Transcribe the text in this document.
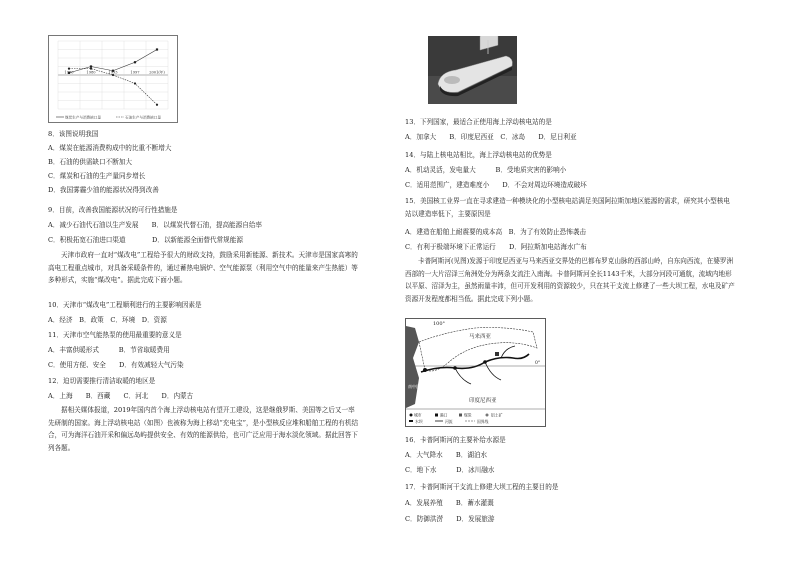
1970	1980	1993	1997	2001(年)
煤炭生产与消费缺口量	石油生产与消费缺口量
8．该图说明我国
A．煤炭在能源消费构成中的比重不断增大
B．石油的供需缺口不断加大
C．煤炭和石油的生产量同步增长
D．我国雾霾少油的能源状况得到改善
9．目前，改善我国能源状况的可行性措施是
A．减少石油代石油以生产发展　　B．以煤炭代替石油，提高能源自给率
C．积极拓宽石油进口渠道　　　　D．以新能源全面替代常规能源
天津市政府一直对“煤改电”工程给予很大的财政支持，鼓励采用新能源、新技术。天津市是国家高寒的高电工程重点城市，对具备采暖条件的，通过蓄热电锅炉、空气能源泵（利用空气中的能量来产生热能）等多种形式，实施“煤改电”。据此完成下面小题。
10．天津市“煤改电”工程顺利进行的主要影响因素是
A．经济　B．政策　C．环境　D．资源
11．天津市空气能热泵的使用最重要的意义是
A．丰富供暖形式　　　B．节省取暖费用
C．使用方便、安全　　D．有效减轻大气污染
12．迫切需要推行清洁取暖的地区是
A．上海　　B．西藏　　C．河北　　D．内蒙古
据相关媒体报道，2019年国内首个海上浮动核电站有望开工建设，这是继俄罗斯、美国等之后又一率先研制的国家。海上浮动核电站（如图）也被称为海上移动“充电宝”，是小型核反应堆和船舶工程的有机结合，可为海洋石油开采和偏远岛屿提供安全、有效的能源供给，也可广泛应用于海水淡化领域。据此回答下列各题。
13．下列国家，最适合正使用海上浮动核电站的是
A．加拿大　　B．印度尼西亚　C．冰岛　　D．尼日利亚
14．与陆上核电站相比，海上浮动核电站的优势是
A．机动灵活，发电量大　　　B．受地质灾害的影响小
C．适用范围广，建造难度小　　D．不会对周边环境造成破坏
15．美国核工业界一直在寻求建造一种模块化的小型核电站满足美国阿拉斯加地区能源的需求，研究其小型核电站以建造率低下，主要原因是
A．建造在船舶上耐震要的成本高　B．为了有效防止恐怖袭击
C．有利于极端环境下正常运行　　D．阿拉斯加电站海水广布
卡普阿斯河(见图)发源于印度尼西亚与马来西亚交界处的巴都布罗克山脉的西部山岭，自东向西流，在婆罗洲西部的一大片沼泽三角洲处分为两条支流注入南海。卡普阿斯河全长1143千米，大部分河段可通航，流域内地形以平原、沼泽为主，虽然雨量丰沛，但可开发利用的资源较少，只在其干支流上修建了一些大坝工程，水电及矿产资源开发程度都相当低。据此完成下列小题。
100°
南中国海
马来西亚
0°
印度尼西亚
城市	港口	煤炭	铝土矿
水坝	河流	国界线
16．卡普阿斯河的主要补给水源是
A．大气降水　　B．湖泊水
C．地下水　　　D．冰川融水
17．卡普阿斯河干支流上修建大坝工程的主要目的是
A．发展养殖　　B．蓄水灌溉
C．防御洪涝　　D．发展旅游
